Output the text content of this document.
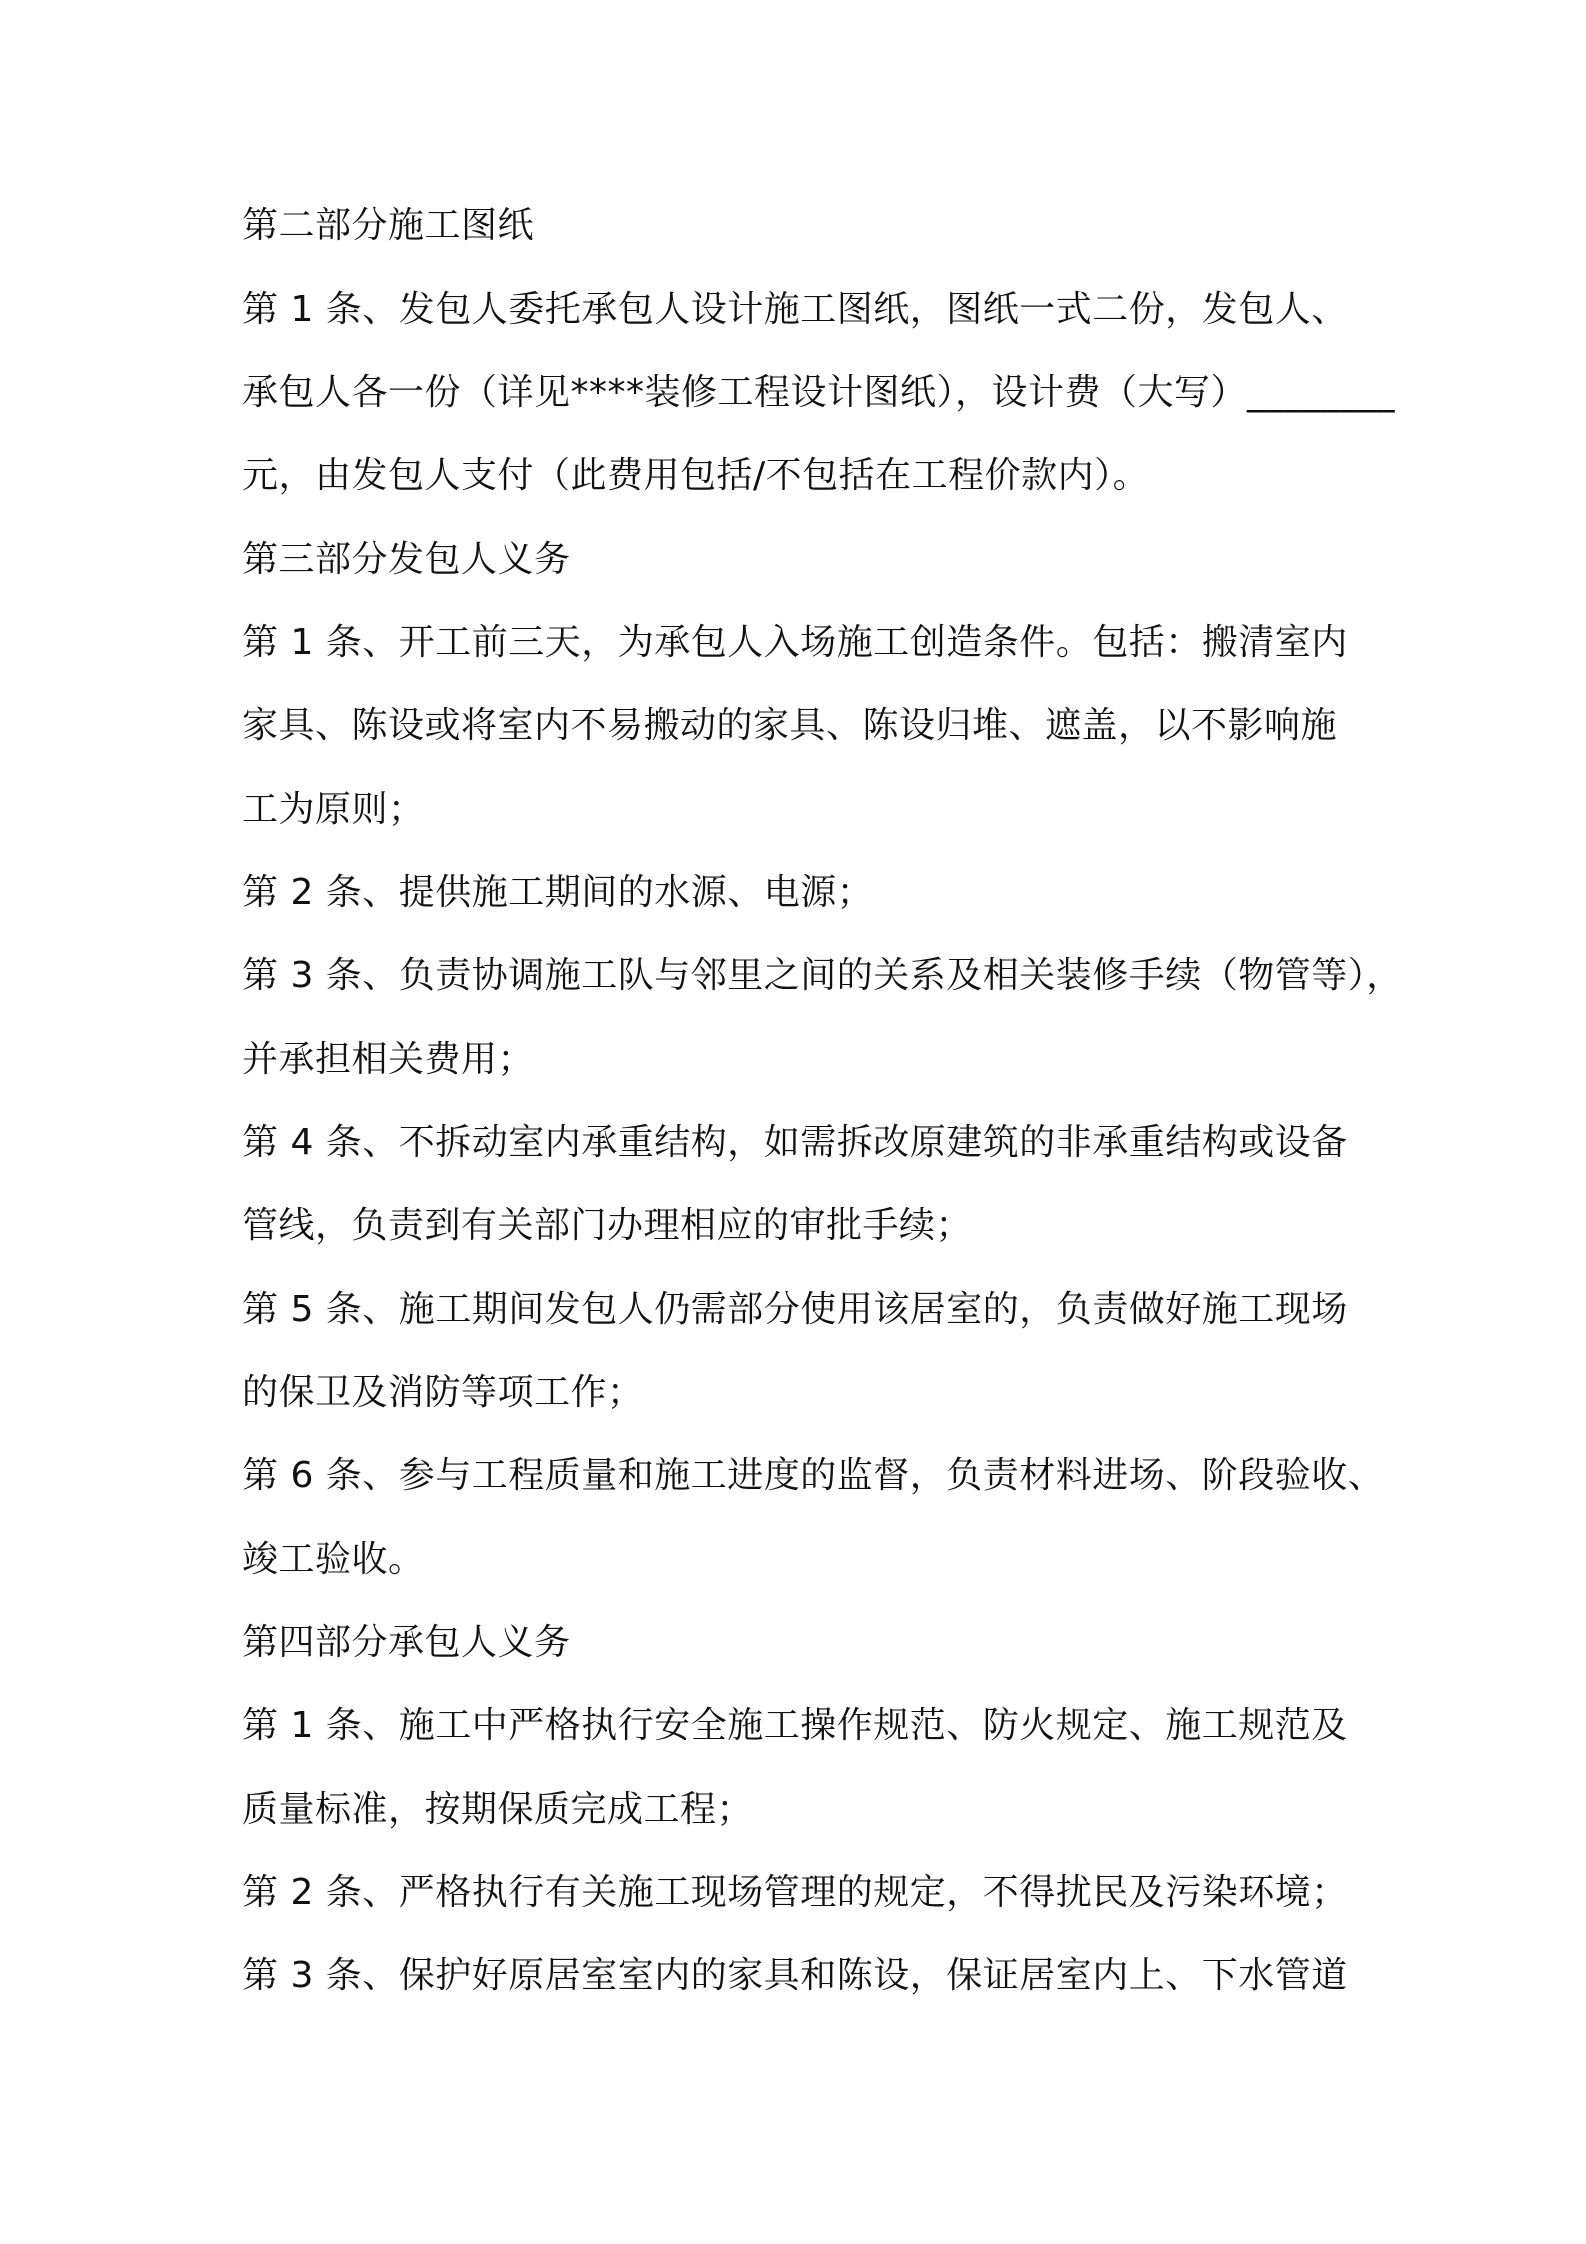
第二部分施工图纸
第 1 条、发包人委托承包人设计施工图纸，图纸一式二份，发包人、
承包人各一份（详见****装修工程设计图纸），设计费（大写）________
元，由发包人支付（此费用包括/不包括在工程价款内）。
第三部分发包人义务
第 1 条、开工前三天，为承包人入场施工创造条件。包括：搬清室内
家具、陈设或将室内不易搬动的家具、陈设归堆、遮盖，以不影响施
工为原则；
第 2 条、提供施工期间的水源、电源；
第 3 条、负责协调施工队与邻里之间的关系及相关装修手续（物管等），
并承担相关费用；
第 4 条、不拆动室内承重结构，如需拆改原建筑的非承重结构或设备
管线，负责到有关部门办理相应的审批手续；
第 5 条、施工期间发包人仍需部分使用该居室的，负责做好施工现场
的保卫及消防等项工作；
第 6 条、参与工程质量和施工进度的监督，负责材料进场、阶段验收、
竣工验收。
第四部分承包人义务
第 1 条、施工中严格执行安全施工操作规范、防火规定、施工规范及
质量标准，按期保质完成工程；
第 2 条、严格执行有关施工现场管理的规定，不得扰民及污染环境；
第 3 条、保护好原居室室内的家具和陈设，保证居室内上、下水管道
